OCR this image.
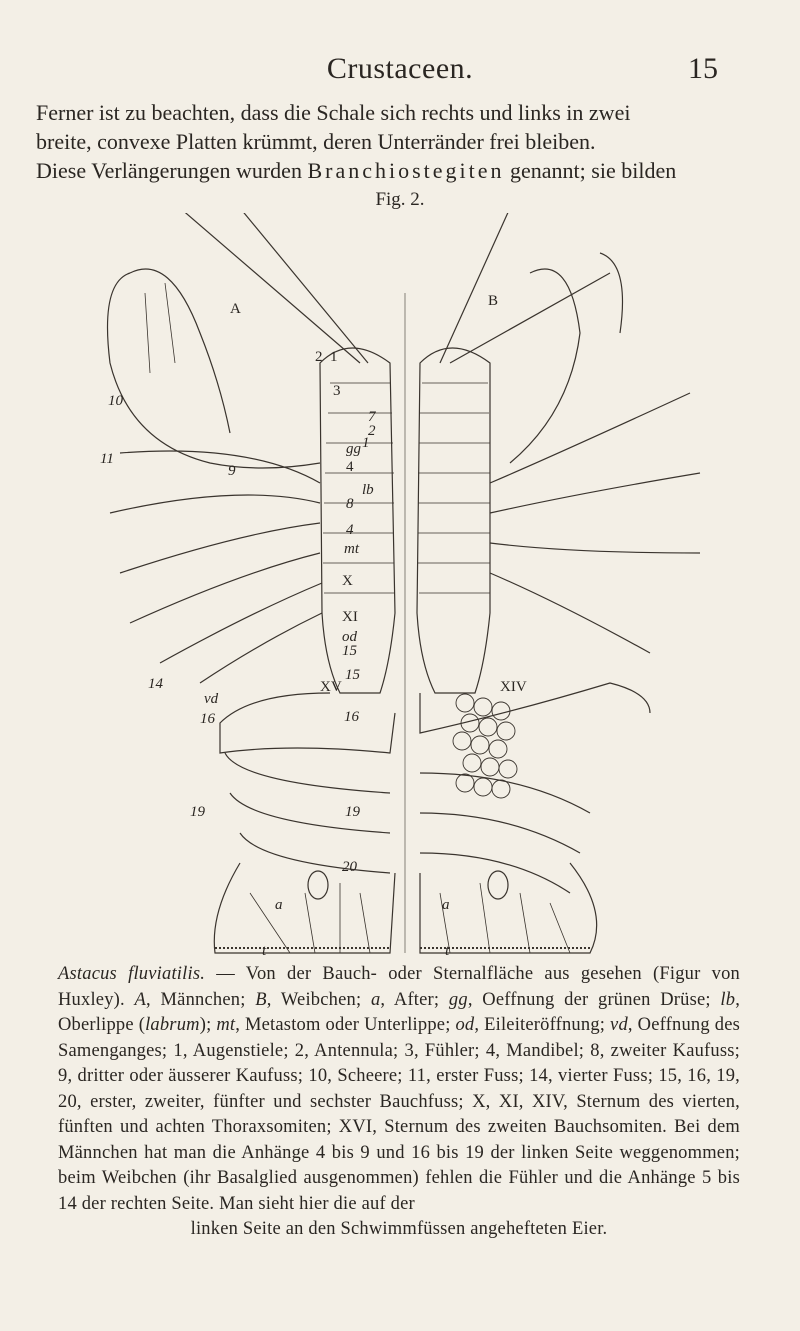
Crustaceen.	15
Ferner ist zu beachten, dass die Schale sich rechts und links in zwei
breite, convexe Platten krümmt, deren Unterränder frei bleiben.
Diese Verlängerungen wurden Branchiostegiten genannt; sie bilden
Fig. 2.
A	B
10
11
9
2 1
3
gg
4
lb
8
4
mt
X
XI
od
15
14	XV
15
XIV
vd
16	16
19	19
20
a	a
t	t
7
2
1
Astacus fluviatilis. — Von der Bauch- oder Sternalfläche aus gesehen (Figur von Huxley). A, Männchen; B, Weibchen; a, After; gg, Oeffnung der grünen Drüse; lb, Oberlippe (labrum); mt, Metastom oder Unterlippe; od, Eileiteröffnung; vd, Oeffnung des Samenganges; 1, Augenstiele; 2, Antennula; 3, Fühler; 4, Mandibel; 8, zweiter Kaufuss; 9, dritter oder äusserer Kaufuss; 10, Scheere; 11, erster Fuss; 14, vierter Fuss; 15, 16, 19, 20, erster, zweiter, fünfter und sechster Bauchfuss; X, XI, XIV, Sternum des vierten, fünften und achten Thoraxsomiten; XVI, Sternum des zweiten Bauchsomiten. Bei dem Männchen hat man die Anhänge 4 bis 9 und 16 bis 19 der linken Seite weggenommen; beim Weibchen (ihr Basalglied ausgenommen) fehlen die Fühler und die Anhänge 5 bis 14 der rechten Seite. Man sieht hier die auf der
linken Seite an den Schwimmfüssen angehefteten Eier.
